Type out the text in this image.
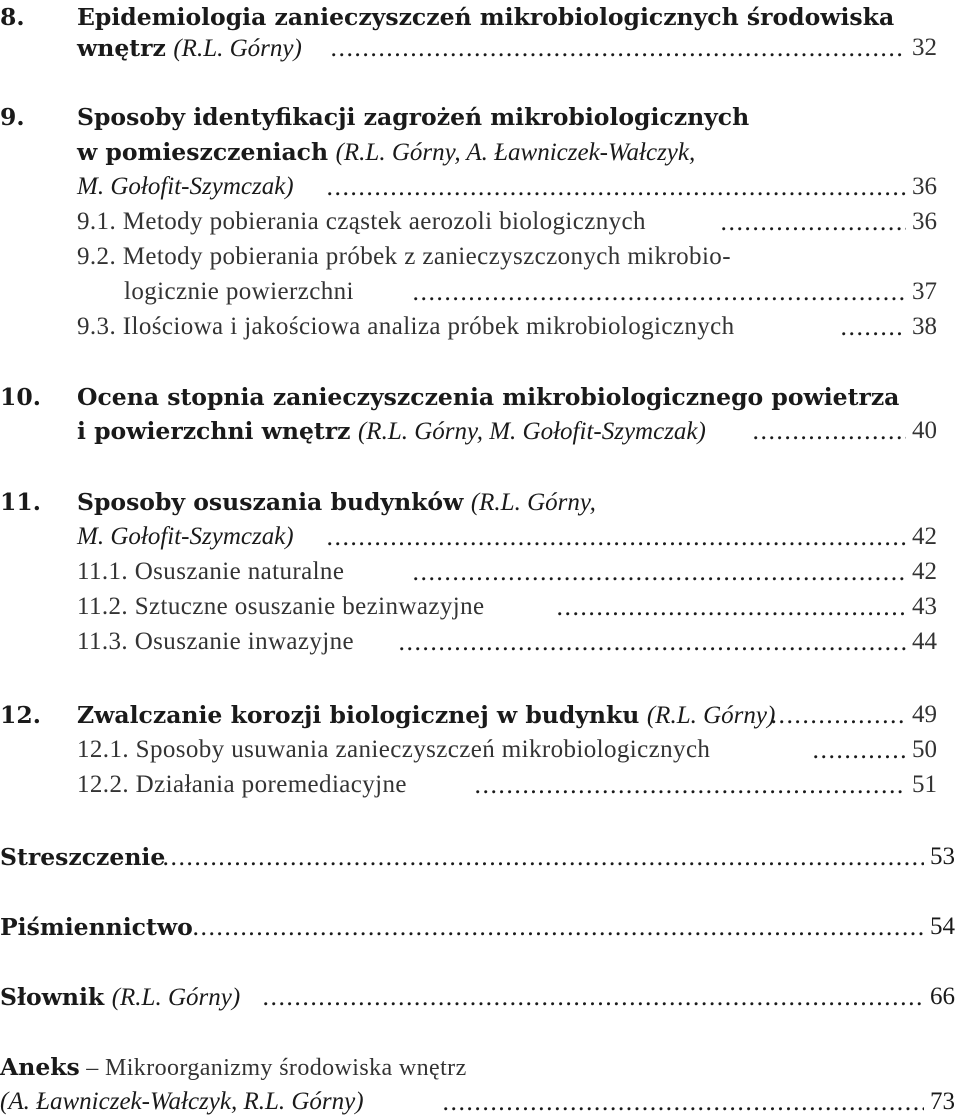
8. Epidemiologia zanieczyszczeń mikrobiologicznych środowiska
wnętrz (R.L. Górny) .....	32
9. Sposoby identyfikacji zagrożeń mikrobiologicznych
w pomieszczeniach (R.L. Górny, A. Ławniczek-Wałczyk,
M. Gołofit-Szymczak) .....	36
9.1. Metody pobierania cząstek aerozoli biologicznych .....	36
9.2. Metody pobierania próbek z zanieczyszczonych mikrobio-
logicznie powierzchni .....	37
9.3. Ilościowa i jakościowa analiza próbek mikrobiologicznych .....	38
10. Ocena stopnia zanieczyszczenia mikrobiologicznego powietrza
i powierzchni wnętrz (R.L. Górny, M. Gołofit-Szymczak) .....	40
11. Sposoby osuszania budynków (R.L. Górny,
M. Gołofit-Szymczak) .....	42
11.1. Osuszanie naturalne .....	42
11.2. Sztuczne osuszanie bezinwazyjne .....	43
11.3. Osuszanie inwazyjne .....	44
12. Zwalczanie korozji biologicznej w budynku (R.L. Górny) .....	49
12.1. Sposoby usuwania zanieczyszczeń mikrobiologicznych .....	50
12.2. Działania poremediacyjne .....	51
Streszczenie .....	53
Piśmiennictwo .....	54
Słownik (R.L. Górny) .....	66
Aneks – Mikroorganizmy środowiska wnętrz
(A. Ławniczek-Wałczyk, R.L. Górny) .....	73
